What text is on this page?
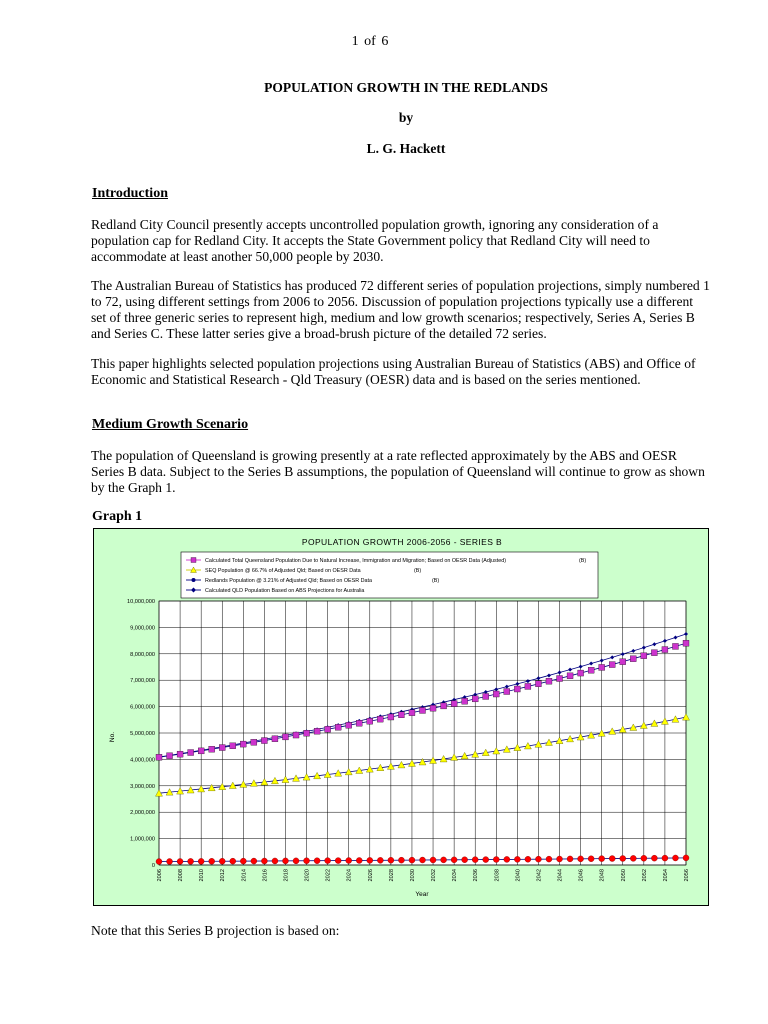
1 of 6
POPULATION GROWTH IN THE REDLANDS
by
L. G. Hackett
Introduction
Redland City Council presently accepts uncontrolled population growth, ignoring any consideration of a population cap for Redland City. It accepts the State Government policy that Redland City will need to accommodate at least another 50,000 people by 2030.
The Australian Bureau of Statistics has produced 72 different series of population projections, simply numbered 1 to 72, using different settings from 2006 to 2056. Discussion of population projections typically use a different set of three generic series to represent high, medium and low growth scenarios; respectively, Series A, Series B and Series C. These latter series give a broad-brush picture of the detailed 72 series.
This paper highlights selected population projections using Australian Bureau of Statistics (ABS) and Office of Economic and Statistical Research - Qld Treasury (OESR) data and is based on the series mentioned.
Medium Growth Scenario
The population of Queensland is growing presently at a rate reflected approximately by the ABS and OESR Series B data. Subject to the Series B assumptions, the population of Queensland will continue to grow as shown by the Graph 1.
Graph 1
POPULATION GROWTH 2006-2056 - SERIES B
Calculated Total Queensland Population Due to Natural Increase, Immigration and Migration; Based on OESR Data (Adjusted)	(B)
SEQ Population @ 66.7% of Adjusted Qld; Based on OESR Data	(B)
Redlands Population @ 3.21% of Adjusted Qld; Based on OESR Data	(B)
Calculated QLD Population Based on ABS Projections for Australia
0
1,000,000
2,000,000
3,000,000
4,000,000
5,000,000
6,000,000
7,000,000
8,000,000
9,000,000
10,000,000
2006	2008	2010	2012	2014	2016	2018	2020	2022	2024	2026	2028	2030	2032	2034	2036	2038	2040	2042	2044	2046	2048	2050	2052	2054	2056
No.
Year
Note that this Series B projection is based on:
